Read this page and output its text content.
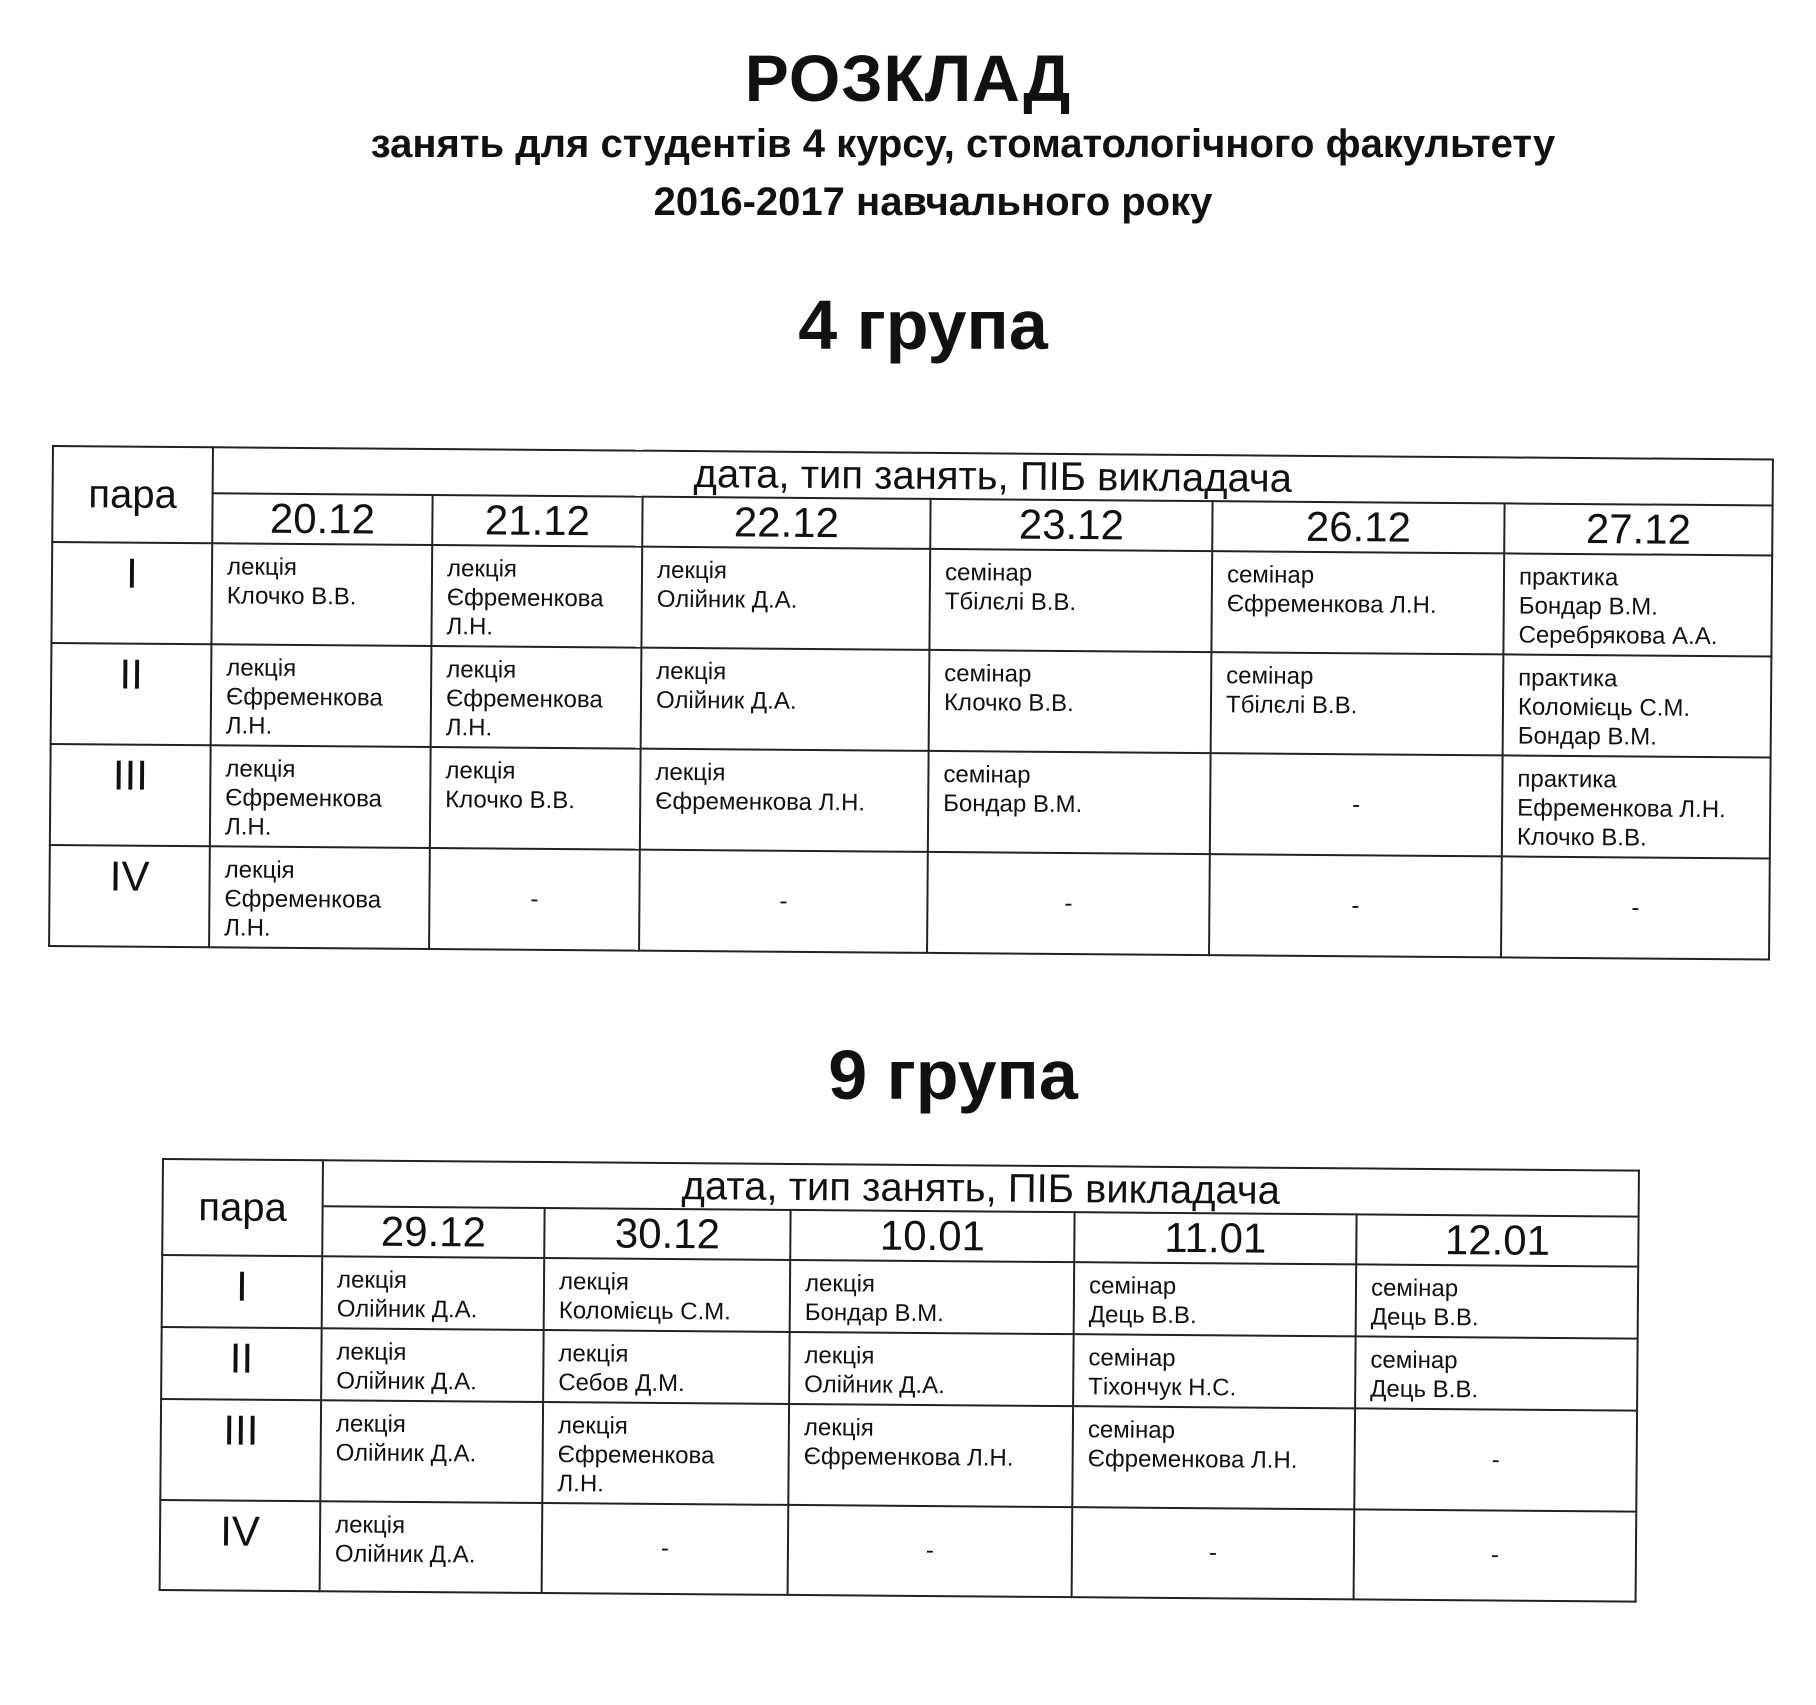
РОЗКЛАД
занять для студентів 4 курсу, стоматологічного факультету
2016-2017 навчального року
4 група
пара	дата, тип занять, ПІБ викладача					
	20.12	21.12	22.12	23.12	26.12	27.12
I	лекція
Клочко В.В.	лекція
Єфременкова
Л.Н.	лекція
Олійник Д.А.	семінар
Тбілєлі В.В.	семінар
Єфременкова Л.Н.	практика
Бондар В.М.
Серебрякова А.А.

II	лекція
Єфременкова
Л.Н.	лекція
Єфременкова
Л.Н.	лекція
Олійник Д.А.	семінар
Клочко В.В.	семінар
Тбілєлі В.В.	практика
Коломієць С.М.
Бондар В.М.

III	лекція
Єфременкова
Л.Н.	лекція
Клочко В.В.	лекція
Єфременкова Л.Н.	семінар
Бондар В.М.	-	практика
Ефременкова Л.Н.
Клочко В.В.

IV	лекція
Єфременкова
Л.Н.	-	-	-	-	-
9 група
пара	дата, тип занять, ПІБ викладача				
	29.12	30.12	10.01	11.01	12.01
I	лекція
Олійник Д.А.	лекція
Коломієць С.М.	лекція
Бондар В.М.	семінар
Дець В.В.	семінар
Дець В.В.

II	лекція
Олійник Д.А.	лекція
Себов Д.М.	лекція
Олійник Д.А.	семінар
Тіхончук Н.С.	семінар
Дець В.В.

III	лекція
Олійник Д.А.	лекція
Єфременкова
Л.Н.	лекція
Єфременкова Л.Н.	семінар
Єфременкова Л.Н.	-
IV	лекція
Олійник Д.А.	-	-	-	-
